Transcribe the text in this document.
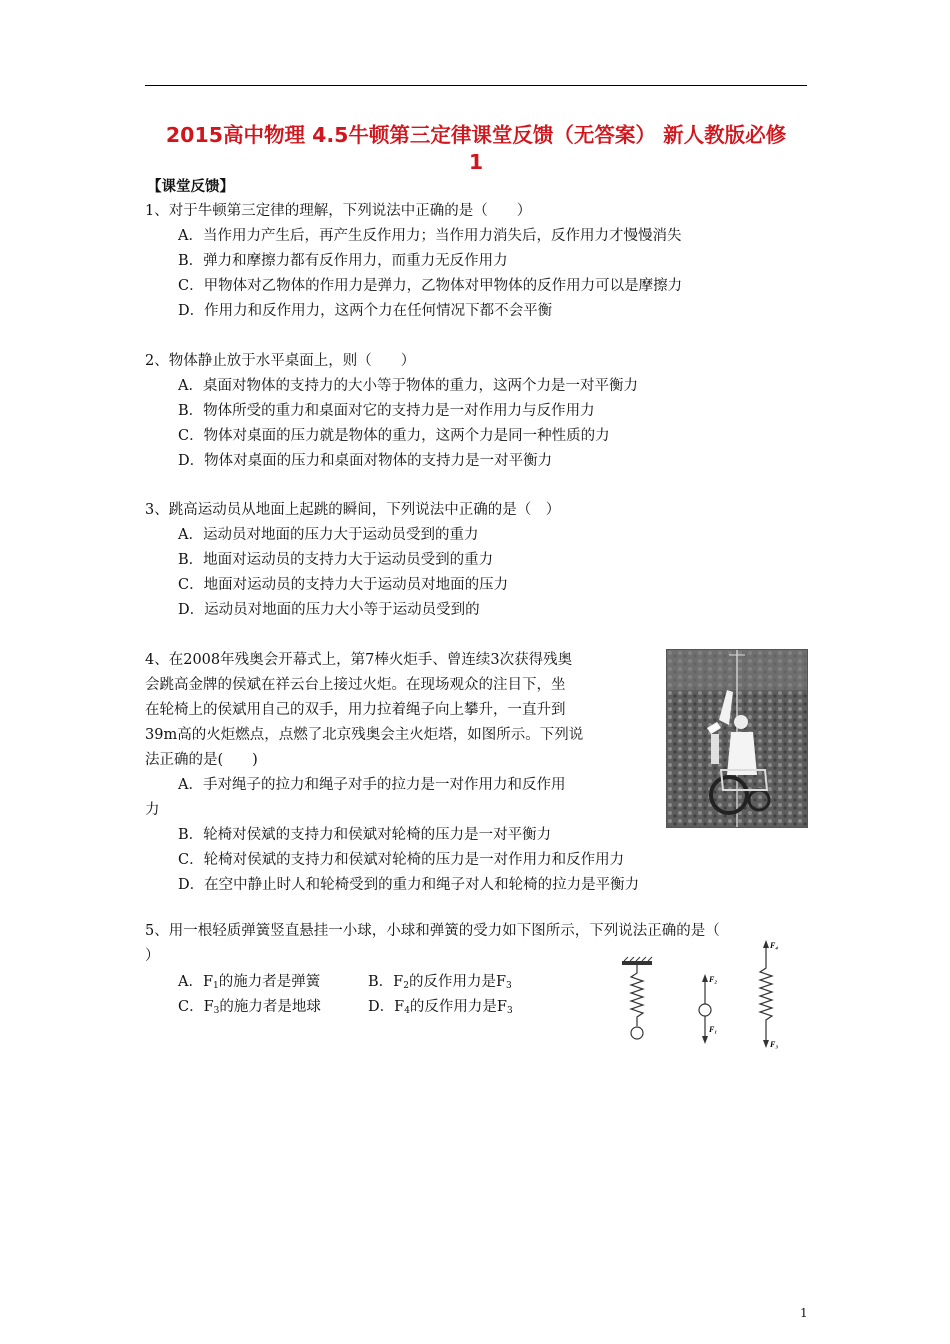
2015高中物理 4.5牛顿第三定律课堂反馈（无答案） 新人教版必修
1
【课堂反馈】
1、对于牛顿第三定律的理解，下列说法中正确的是（　　）
A．当作用力产生后，再产生反作用力；当作用力消失后，反作用力才慢慢消失
B．弹力和摩擦力都有反作用力，而重力无反作用力
C．甲物体对乙物体的作用力是弹力，乙物体对甲物体的反作用力可以是摩擦力
D．作用力和反作用力，这两个力在任何情况下都不会平衡
2、物体静止放于水平桌面上，则（　　）
A．桌面对物体的支持力的大小等于物体的重力，这两个力是一对平衡力
B．物体所受的重力和桌面对它的支持力是一对作用力与反作用力
C．物体对桌面的压力就是物体的重力，这两个力是同一种性质的力
D．物体对桌面的压力和桌面对物体的支持力是一对平衡力
3、跳高运动员从地面上起跳的瞬间，下列说法中正确的是（　）
A．运动员对地面的压力大于运动员受到的重力
B．地面对运动员的支持力大于运动员受到的重力
C．地面对运动员的支持力大于运动员对地面的压力
D．运动员对地面的压力大小等于运动员受到的
4、在2008年残奥会开幕式上，第7棒火炬手、曾连续3次获得残奥
会跳高金牌的侯斌在祥云台上接过火炬。在现场观众的注目下，坐
在轮椅上的侯斌用自己的双手，用力拉着绳子向上攀升，一直升到
39m高的火炬燃点，点燃了北京残奥会主火炬塔，如图所示。下列说
法正确的是(　　)
A．手对绳子的拉力和绳子对手的拉力是一对作用力和反作用
力
B．轮椅对侯斌的支持力和侯斌对轮椅的压力是一对平衡力
C．轮椅对侯斌的支持力和侯斌对轮椅的压力是一对作用力和反作用力
D．在空中静止时人和轮椅受到的重力和绳子对人和轮椅的拉力是平衡力
5、用一根轻质弹簧竖直悬挂一小球，小球和弹簧的受力如下图所示，下列说法正确的是（
）
A．$F_1$的施力者是弹簧	B．$F_2$的反作用力是$F_3$
C．$F_3$的施力者是地球	D．$F_4$的反作用力是$F_3$
F₂
F₁
F₄
F₃
1
